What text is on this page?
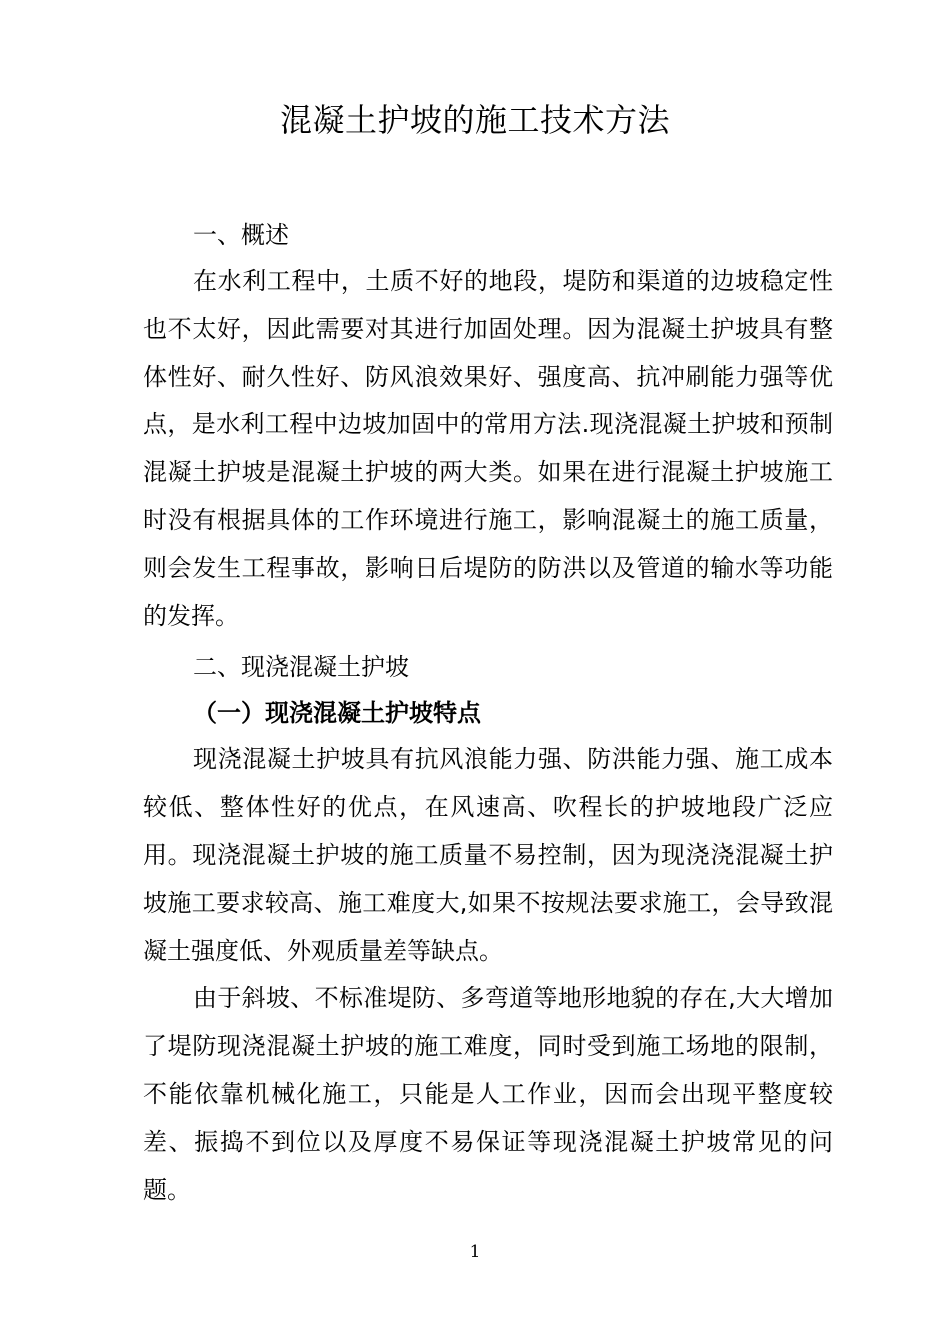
混凝土护坡的施工技术方法
一、概述

在水利工程中，土质不好的地段，堤防和渠道的边坡稳定性也不太好，因此需要对其进行加固处理。因为混凝土护坡具有整体性好、耐久性好、防风浪效果好、强度高、抗冲刷能力强等优点，是水利工程中边坡加固中的常用方法.现浇混凝土护坡和预制混凝土护坡是混凝土护坡的两大类。如果在进行混凝土护坡施工时没有根据具体的工作环境进行施工，影响混凝土的施工质量，则会发生工程事故，影响日后堤防的防洪以及管道的输水等功能的发挥。

二、现浇混凝土护坡
（一）现浇混凝土护坡特点

现浇混凝土护坡具有抗风浪能力强、防洪能力强、施工成本较低、整体性好的优点，在风速高、吹程长的护坡地段广泛应用。现浇混凝土护坡的施工质量不易控制，因为现浇浇混凝土护坡施工要求较高、施工难度大,如果不按规法要求施工，会导致混凝土强度低、外观质量差等缺点。

由于斜坡、不标准堤防、多弯道等地形地貌的存在,大大增加了堤防现浇混凝土护坡的施工难度，同时受到施工场地的限制，不能依靠机械化施工，只能是人工作业，因而会出现平整度较差、振捣不到位以及厚度不易保证等现浇混凝土护坡常见的问题。

1
